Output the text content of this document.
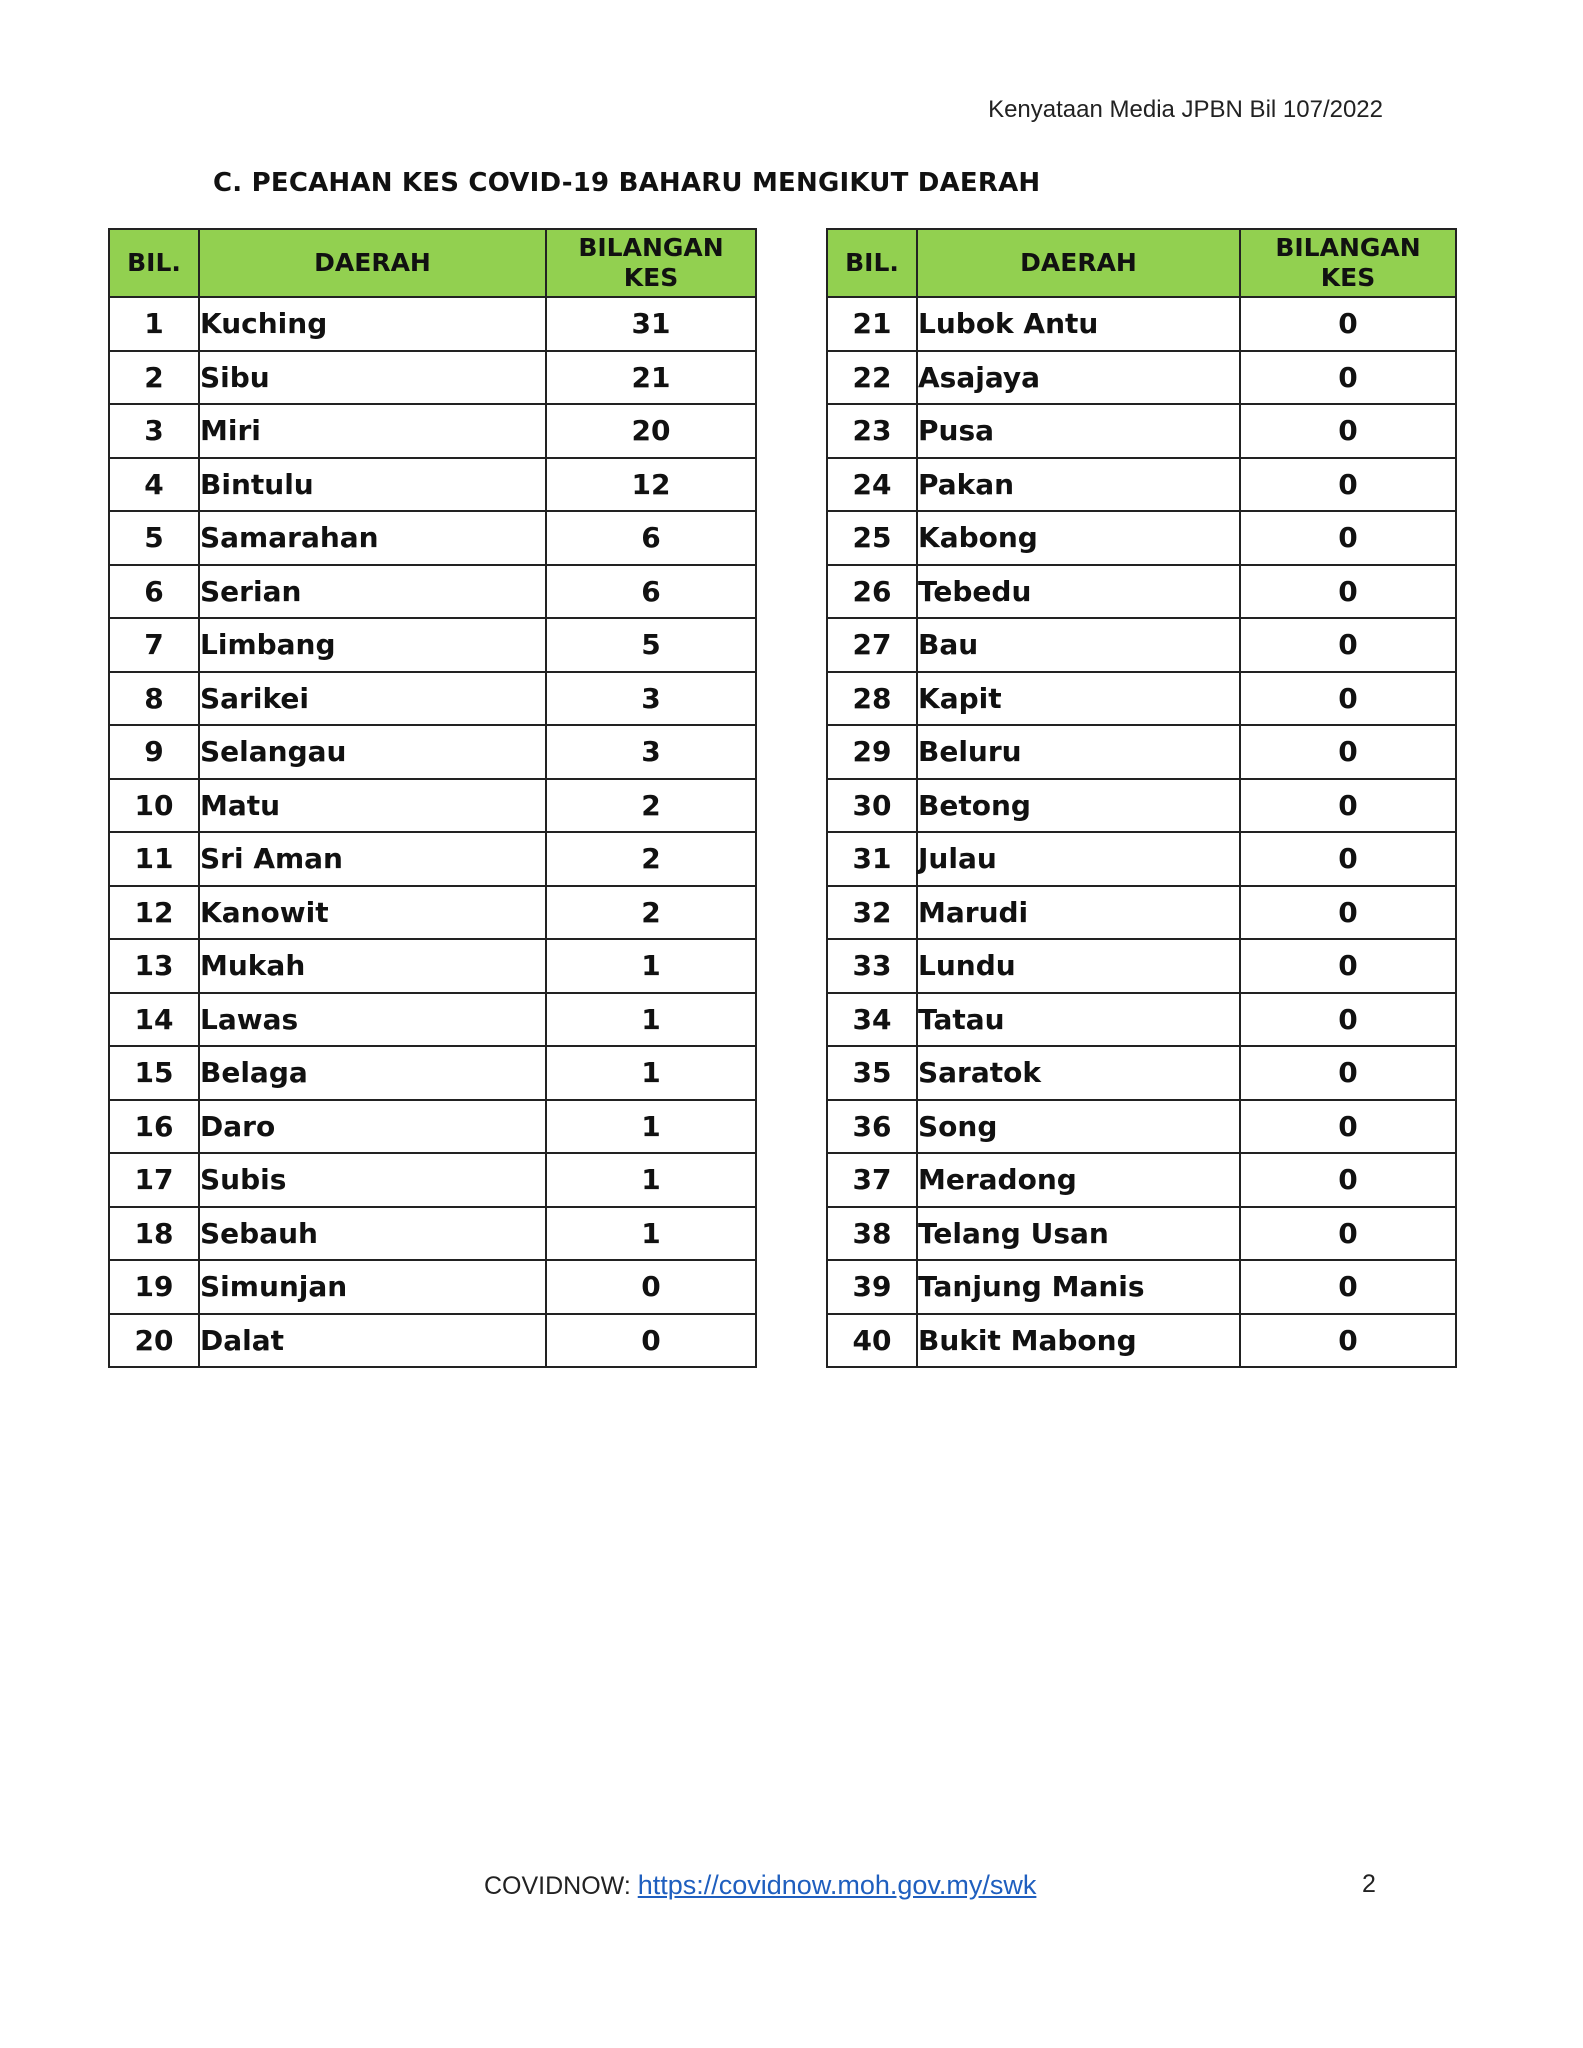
Kenyataan Media JPBN Bil 107/2022
C. PECAHAN KES COVID-19 BAHARU MENGIKUT DAERAH
BIL.	DAERAH	BILANGAN
KES
1	Kuching	31
2	Sibu	21
3	Miri	20
4	Bintulu	12
5	Samarahan	6
6	Serian	6
7	Limbang	5
8	Sarikei	3
9	Selangau	3
10	Matu	2
11	Sri Aman	2
12	Kanowit	2
13	Mukah	1
14	Lawas	1
15	Belaga	1
16	Daro	1
17	Subis	1
18	Sebauh	1
19	Simunjan	0
20	Dalat	0
BIL.	DAERAH	BILANGAN
KES
21	Lubok Antu	0
22	Asajaya	0
23	Pusa	0
24	Pakan	0
25	Kabong	0
26	Tebedu	0
27	Bau	0
28	Kapit	0
29	Beluru	0
30	Betong	0
31	Julau	0
32	Marudi	0
33	Lundu	0
34	Tatau	0
35	Saratok	0
36	Song	0
37	Meradong	0
38	Telang Usan	0
39	Tanjung Manis	0
40	Bukit Mabong	0
COVIDNOW: https://covidnow.moh.gov.my/swk	2
